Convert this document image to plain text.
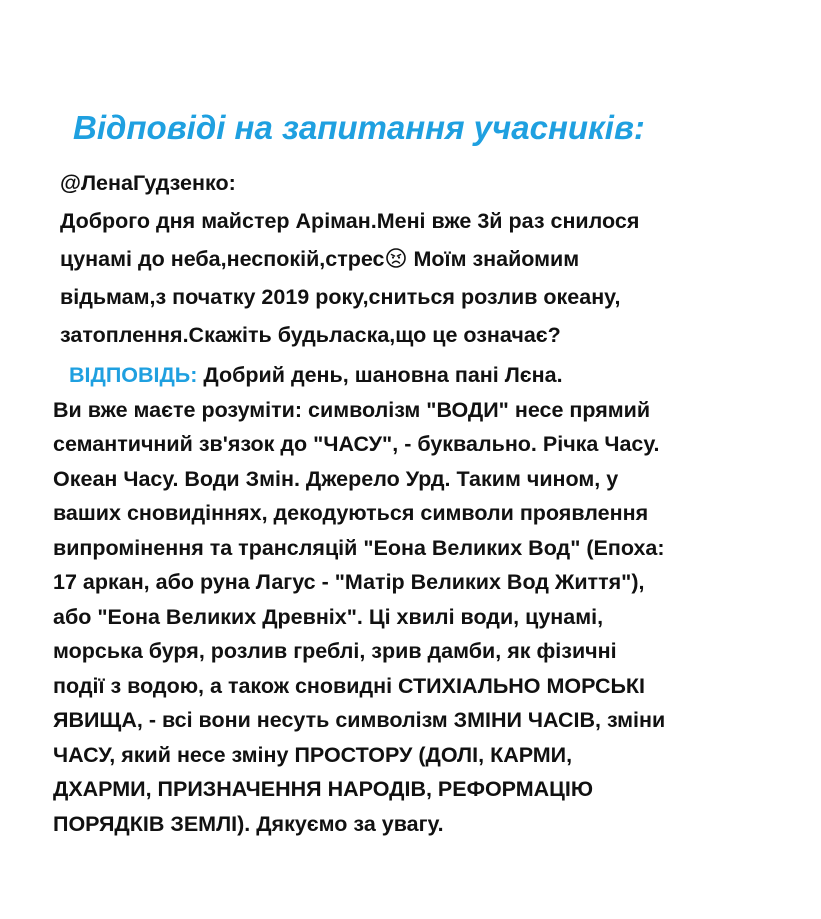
Відповіді на запитання учасників:
@ЛенаГудзенко:
Доброго дня майстер Аріман.Мені вже 3й раз снилося
цунамі до неба,неспокій,стрес Моїм знайомим
відьмам,з початку 2019 року,сниться розлив океану,
затоплення.Скажіть будьласка,що це означає?
ВІДПОВІДЬ: Добрий день, шановна пані Лєна.
Ви вже маєте розуміти: символізм "ВОДИ" несе прямий
семантичний зв'язок до "ЧАСУ", - буквально. Річка Часу.
Океан Часу. Води Змін. Джерело Урд. Таким чином, у
ваших сновидіннях, декодуються символи проявлення
випромінення та трансляцій "Еона Великих Вод" (Епоха:
17 аркан, або руна Лагус - "Матір Великих Вод Життя"),
або "Еона Великих Древніх". Ці хвилі води, цунамі,
морська буря, розлив греблі, зрив дамби, як фізичні
події з водою, а також сновидні СТИХІАЛЬНО МОРСЬКІ
ЯВИЩА, - всі вони несуть символізм ЗМІНИ ЧАСІВ, зміни
ЧАСУ, який несе зміну ПРОСТОРУ (ДОЛІ, КАРМИ,
ДХАРМИ, ПРИЗНАЧЕННЯ НАРОДІВ, РЕФОРМАЦІЮ
ПОРЯДКІВ ЗЕМЛІ). Дякуємо за увагу.
